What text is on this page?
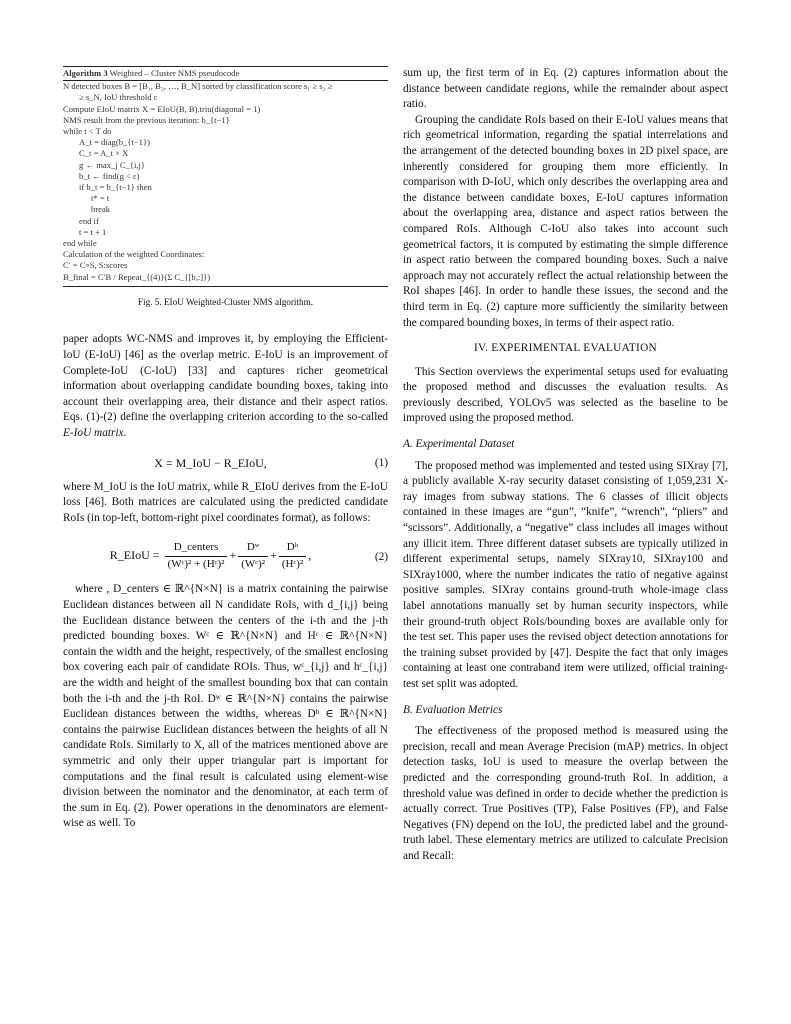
Algorithm 3 Weighted – Cluster NMS pseudocode
N detected boxes B = [B₁, B₂, …, B_N] sorted by classification score s₁ ≥ s₂ ≥
≥ s_N, IoU threshold ε
Compute EIoU matrix X = EIoU(B, B).triu(diagonal = 1)
NMS result from the previous iteration: b_{t−1}
while t < T do
A_t = diag(b_{t−1})
C_t = A_t × X
g ← max_j C_{i,j}
b_t ← find(g < ε)
if b_t = b_{t−1} then
t* = t
break
end if
t = t + 1
end while
Calculation of the weighted Coordinates:
C′ = C∘S, S:scores
B_final = C′B / Repeat_{(4)}(Σ C_{[b,:]})

Fig. 5. EIoU Weighted-Cluster NMS algorithm.

paper adopts WC-NMS and improves it, by employing the Efficient-IoU (E-IoU) [46] as the overlap metric. E-IoU is an improvement of Complete-IoU (C-IoU) [33] and captures richer geometrical information about overlapping candidate bounding boxes, taking into account their overlapping area, their distance and their aspect ratios. Eqs. (1)-(2) define the overlapping criterion according to the so-called E-IoU matrix.

X = M_IoU − R_EIoU,	(1)

where M_IoU is the IoU matrix, while R_EIoU derives from the E-IoU loss [46]. Both matrices are calculated using the predicted candidate RoIs (in top-left, bottom-right pixel coordinates format), as follows:

R_EIoU = $\frac{\text{D\_centers}}{\text{(Wᶜ)² + (Hᶜ)²}} + \frac{\text{Dʷ}}{\text{(Wᶜ)²}} + \frac{\text{Dʰ}}{\text{(Hᶜ)²}}$ ,	(2)

where , D_centers ∈ ℝ^{N×N} is a matrix containing the pairwise Euclidean distances between all N candidate RoIs, with d_{i,j} being the Euclidean distance between the centers of the i-th and the j-th predicted bounding boxes. Wᶜ ∈ ℝ^{N×N} and Hᶜ ∈ ℝ^{N×N} contain the width and the height, respectively, of the smallest enclosing box covering each pair of candidate ROIs. Thus, wᶜ_{i,j} and hᶜ_{i,j} are the width and height of the smallest bounding box that can contain both the i-th and the j-th RoI. Dʷ ∈ ℝ^{N×N} contains the pairwise Euclidean distances between the widths, whereas Dʰ ∈ ℝ^{N×N} contains the pairwise Euclidean distances between the heights of all N candidate RoIs. Similarly to X, all of the matrices mentioned above are symmetric and only their upper triangular part is important for computations and the final result is calculated using element-wise division between the nominator and the denominator, at each term of the sum in Eq. (2). Power operations in the denominators are element-wise as well. To

sum up, the first term of in Eq. (2) captures information about the distance between candidate regions, while the remainder about aspect ratio.

Grouping the candidate RoIs based on their E-IoU values means that rich geometrical information, regarding the spatial interrelations and the arrangement of the detected bounding boxes in 2D pixel space, are inherently considered for grouping them more efficiently. In comparison with D-IoU, which only describes the overlapping area and the distance between candidate boxes, E-IoU captures information about the overlapping area, distance and aspect ratios between the compared RoIs. Although C-IoU also takes into account such geometrical factors, it is computed by estimating the simple difference in aspect ratio between the compared bounding boxes. Such a naive approach may not accurately reflect the actual relationship between the RoI shapes [46]. In order to handle these issues, the second and the third term in Eq. (2) capture more sufficiently the similarity between the compared bounding boxes, in terms of their aspect ratio.

IV. EXPERIMENTAL EVALUATION

This Section overviews the experimental setups used for evaluating the proposed method and discusses the evaluation results. As previously described, YOLOv5 was selected as the baseline to be improved using the proposed method.

A. Experimental Dataset

The proposed method was implemented and tested using SIXray [7], a publicly available X-ray security dataset consisting of 1,059,231 X-ray images from subway stations. The 6 classes of illicit objects contained in these images are “gun”, “knife”, “wrench”, “pliers” and “scissors”. Additionally, a “negative” class includes all images without any illicit item. Three different dataset subsets are typically utilized in different experimental setups, namely SIXray10, SIXray100 and SIXray1000, where the number indicates the ratio of negative against positive samples. SIXray contains ground-truth whole-image class label annotations manually set by human security inspectors, while their ground-truth object RoIs/bounding boxes are available only for the test set. This paper uses the revised object detection annotations for the training subset provided by [47]. Despite the fact that only images containing at least one contraband item were utilized, official training-test set split was adopted.

B. Evaluation Metrics

The effectiveness of the proposed method is measured using the precision, recall and mean Average Precision (mAP) metrics. In object detection tasks, IoU is used to measure the overlap between the predicted and the corresponding ground-truth RoI. In addition, a threshold value was defined in order to decide whether the prediction is actually correct. True Positives (TP), False Positives (FP), and False Negatives (FN) depend on the IoU, the predicted label and the ground-truth label. These elementary metrics are utilized to calculate Precision and Recall:
